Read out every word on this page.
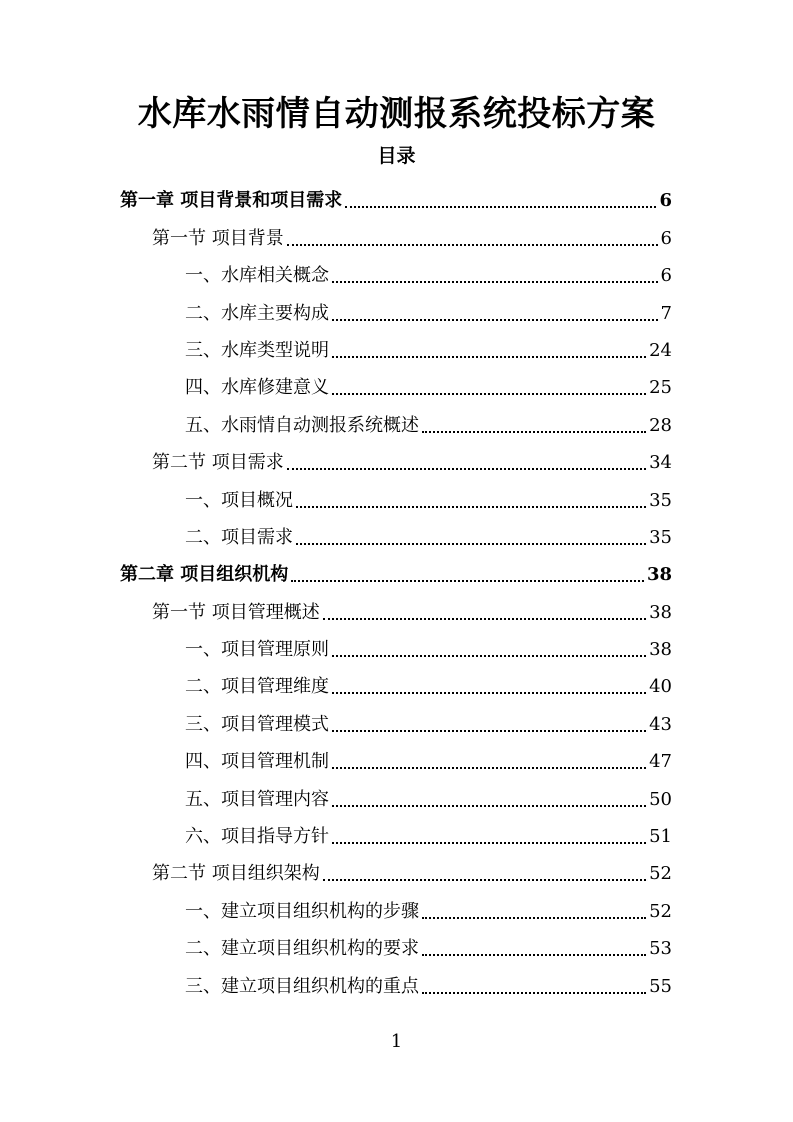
水库水雨情自动测报系统投标方案
目录
第一章 项目背景和项目需求	6
第一节 项目背景	6
一、水库相关概念	6
二、水库主要构成	7
三、水库类型说明	24
四、水库修建意义	25
五、水雨情自动测报系统概述	28
第二节 项目需求	34
一、项目概况	35
二、项目需求	35
第二章 项目组织机构	38
第一节 项目管理概述	38
一、项目管理原则	38
二、项目管理维度	40
三、项目管理模式	43
四、项目管理机制	47
五、项目管理内容	50
六、项目指导方针	51
第二节 项目组织架构	52
一、建立项目组织机构的步骤	52
二、建立项目组织机构的要求	53
三、建立项目组织机构的重点	55
1
